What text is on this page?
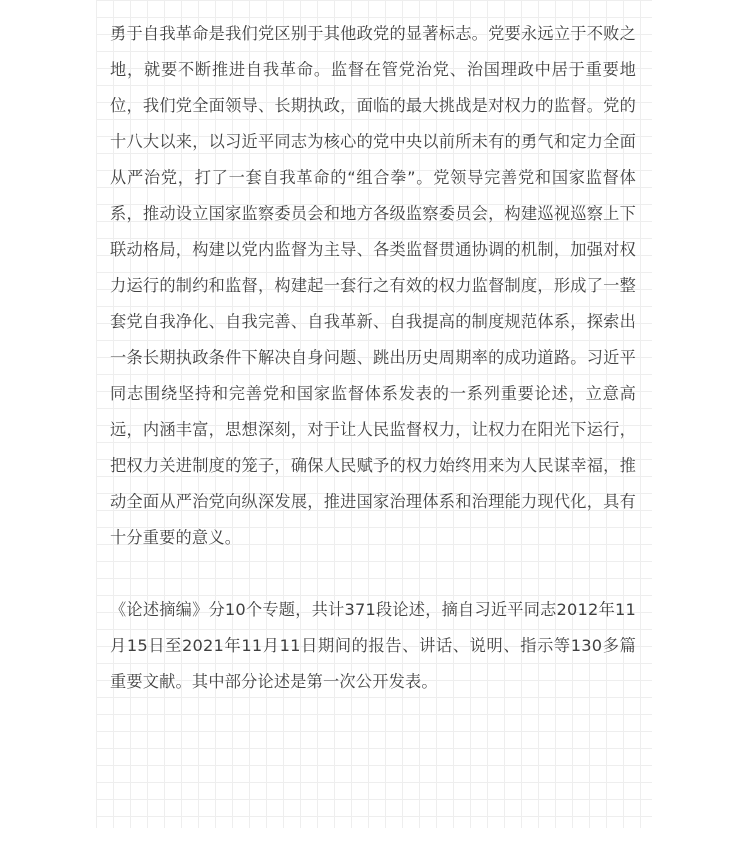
勇于自我革命是我们党区别于其他政党的显著标志。党要永远立于不败之地，就要不断推进自我革命。监督在管党治党、治国理政中居于重要地位，我们党全面领导、长期执政，面临的最大挑战是对权力的监督。党的十八大以来，以习近平同志为核心的党中央以前所未有的勇气和定力全面从严治党，打了一套自我革命的“组合拳”。党领导完善党和国家监督体系，推动设立国家监察委员会和地方各级监察委员会，构建巡视巡察上下联动格局，构建以党内监督为主导、各类监督贯通协调的机制，加强对权力运行的制约和监督，构建起一套行之有效的权力监督制度，形成了一整套党自我净化、自我完善、自我革新、自我提高的制度规范体系，探索出一条长期执政条件下解决自身问题、跳出历史周期率的成功道路。习近平同志围绕坚持和完善党和国家监督体系发表的一系列重要论述，立意高远，内涵丰富，思想深刻，对于让人民监督权力，让权力在阳光下运行，把权力关进制度的笼子，确保人民赋予的权力始终用来为人民谋幸福，推动全面从严治党向纵深发展，推进国家治理体系和治理能力现代化，具有十分重要的意义。

《论述摘编》分10个专题，共计371段论述，摘自习近平同志2012年11月15日至2021年11月11日期间的报告、讲话、说明、指示等130多篇重要文献。其中部分论述是第一次公开发表。
